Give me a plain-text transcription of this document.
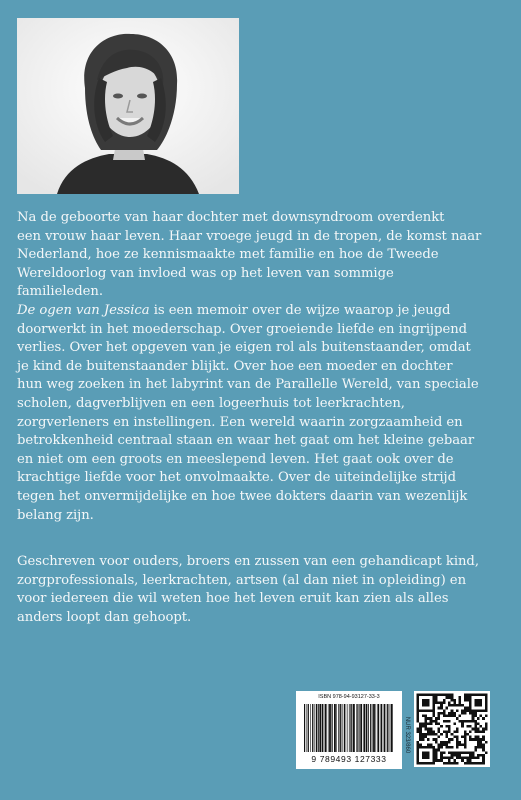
Na de geboorte van haar dochter met downsyndroom overdenkt
een vrouw haar leven. Haar vroege jeugd in de tropen, de komst naar
Nederland, hoe ze kennismaakte met familie en hoe de Tweede
Wereldoorlog van invloed was op het leven van sommige
familieleden.
De ogen van Jessica is een memoir over de wijze waarop je jeugd
doorwerkt in het moederschap. Over groeiende liefde en ingrijpend
verlies. Over het opgeven van je eigen rol als buitenstaander, omdat
je kind de buitenstaander blijkt. Over hoe een moeder en dochter
hun weg zoeken in het labyrint van de Parallelle Wereld, van speciale
scholen, dagverblijven en een logeerhuis tot leerkrachten,
zorgverleners en instellingen. Een wereld waarin zorgzaamheid en
betrokkenheid centraal staan en waar het gaat om het kleine gebaar
en niet om een groots en meeslepend leven. Het gaat ook over de
krachtige liefde voor het onvolmaakte. Over de uiteindelijke strijd
tegen het onvermijdelijke en hoe twee dokters daarin van wezenlijk
belang zijn.
Geschreven voor ouders, broers en zussen van een gehandicapt kind,
zorgprofessionals, leerkrachten, artsen (al dan niet in opleiding) en
voor iedereen die wil weten hoe het leven eruit kan zien als alles
anders loopt dan gehoopt.
ISBN 978-94-93127-33-3
9 789493 127333
NUR 323/860
